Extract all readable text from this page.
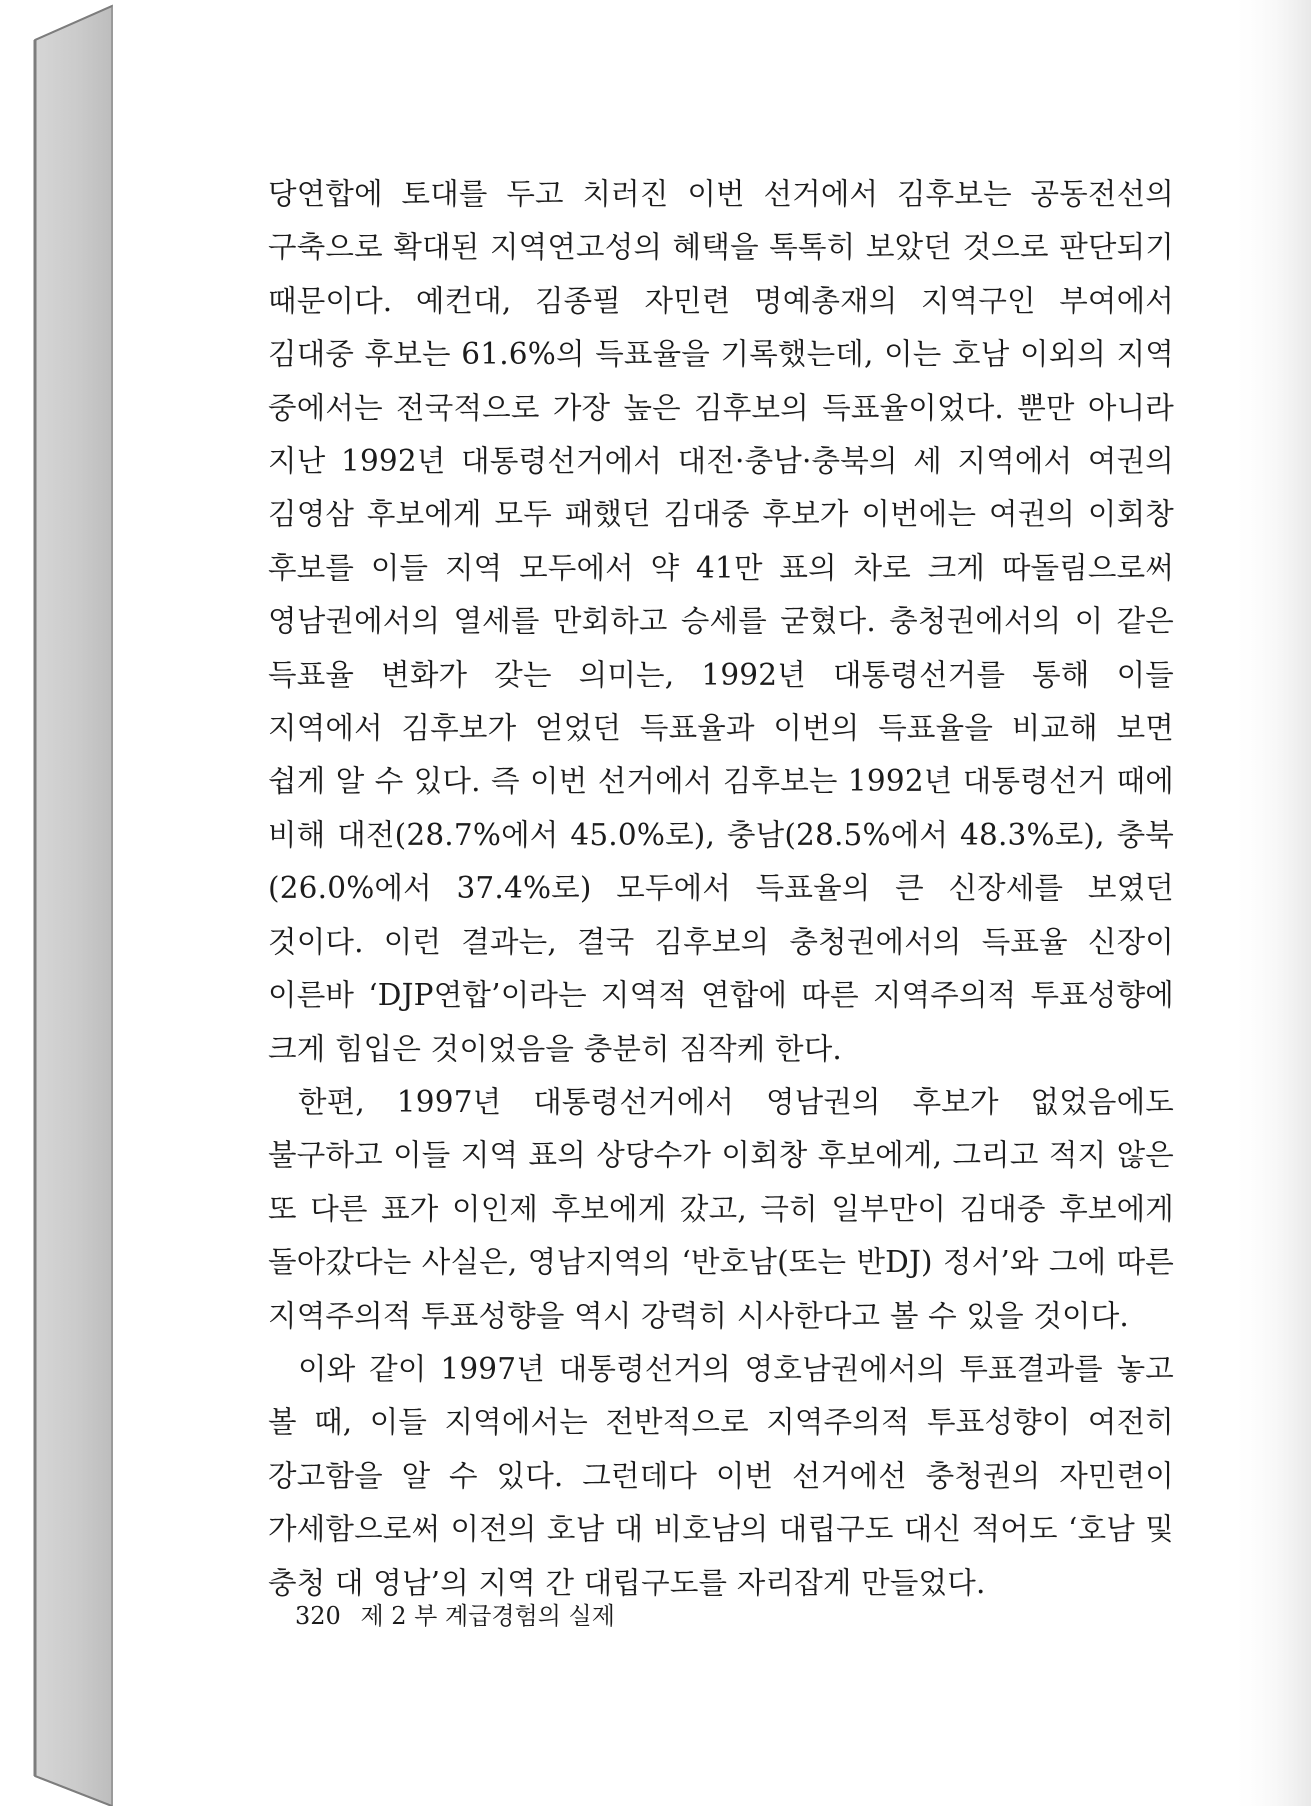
당연합에 토대를 두고 치러진 이번 선거에서 김후보는 공동전선의 구축으로 확대된 지역연고성의 혜택을 톡톡히 보았던 것으로 판단되기 때문이다. 예컨대, 김종필 자민련 명예총재의 지역구인 부여에서 김대중 후보는 61.6%의 득표율을 기록했는데, 이는 호남 이외의 지역 중에서는 전국적으로 가장 높은 김후보의 득표율이었다. 뿐만 아니라 지난 1992년 대통령선거에서 대전·충남·충북의 세 지역에서 여권의 김영삼 후보에게 모두 패했던 김대중 후보가 이번에는 여권의 이회창 후보를 이들 지역 모두에서 약 41만 표의 차로 크게 따돌림으로써 영남권에서의 열세를 만회하고 승세를 굳혔다. 충청권에서의 이 같은 득표율 변화가 갖는 의미는, 1992년 대통령선거를 통해 이들 지역에서 김후보가 얻었던 득표율과 이번의 득표율을 비교해 보면 쉽게 알 수 있다. 즉 이번 선거에서 김후보는 1992년 대통령선거 때에 비해 대전(28.7%에서 45.0%로), 충남(28.5%에서 48.3%로), 충북(26.0%에서 37.4%로) 모두에서 득표율의 큰 신장세를 보였던 것이다. 이런 결과는, 결국 김후보의 충청권에서의 득표율 신장이 이른바 ‘DJP연합’이라는 지역적 연합에 따른 지역주의적 투표성향에 크게 힘입은 것이었음을 충분히 짐작케 한다.

한편, 1997년 대통령선거에서 영남권의 후보가 없었음에도 불구하고 이들 지역 표의 상당수가 이회창 후보에게, 그리고 적지 않은 또 다른 표가 이인제 후보에게 갔고, 극히 일부만이 김대중 후보에게 돌아갔다는 사실은, 영남지역의 ‘반호남(또는 반DJ) 정서’와 그에 따른 지역주의적 투표성향을 역시 강력히 시사한다고 볼 수 있을 것이다.

이와 같이 1997년 대통령선거의 영호남권에서의 투표결과를 놓고 볼 때, 이들 지역에서는 전반적으로 지역주의적 투표성향이 여전히 강고함을 알 수 있다. 그런데다 이번 선거에선 충청권의 자민련이 가세함으로써 이전의 호남 대 비호남의 대립구도 대신 적어도 ‘호남 및 충청 대 영남’의 지역 간 대립구도를 자리잡게 만들었다.

320 제 2 부 계급경험의 실제
